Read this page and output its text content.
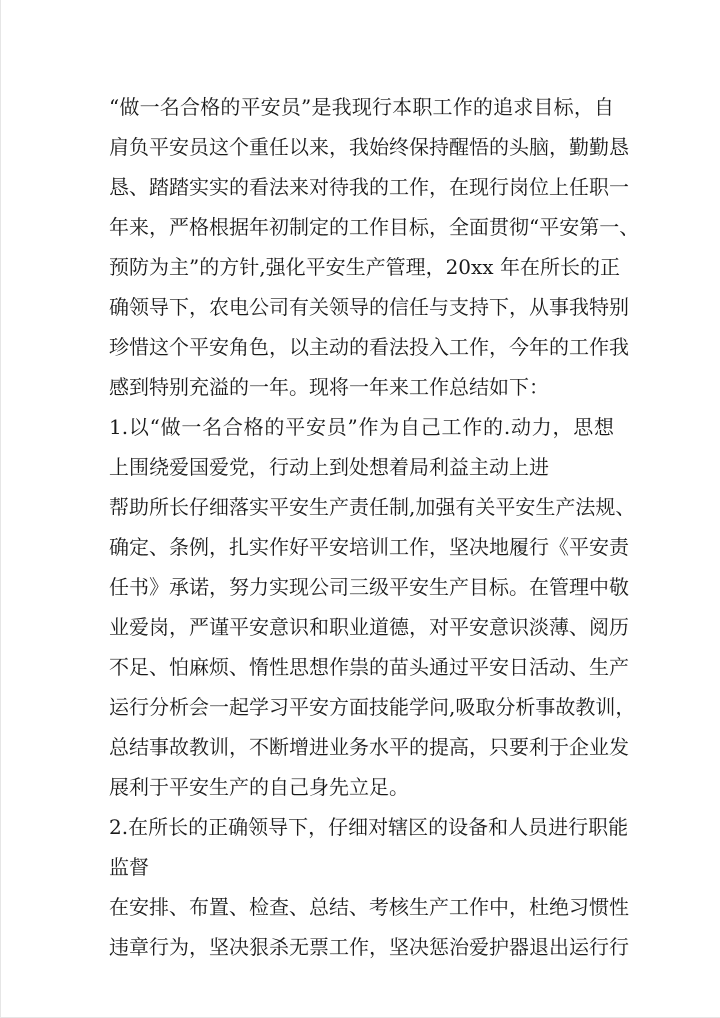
“做一名合格的平安员”是我现行本职工作的追求目标，自
肩负平安员这个重任以来，我始终保持醒悟的头脑，勤勤恳
恳、踏踏实实的看法来对待我的工作，在现行岗位上任职一
年来，严格根据年初制定的工作目标，全面贯彻“平安第一、
预防为主”的方针,强化平安生产管理，20xx 年在所长的正
确领导下，农电公司有关领导的信任与支持下，从事我特别
珍惜这个平安角色，以主动的看法投入工作，今年的工作我
感到特别充溢的一年。现将一年来工作总结如下：
1.以“做一名合格的平安员”作为自己工作的.动力，思想
上围绕爱国爱党，行动上到处想着局利益主动上进
帮助所长仔细落实平安生产责任制,加强有关平安生产法规、
确定、条例，扎实作好平安培训工作，坚决地履行《平安责
任书》承诺，努力实现公司三级平安生产目标。在管理中敬
业爱岗，严谨平安意识和职业道德，对平安意识淡薄、阅历
不足、怕麻烦、惰性思想作祟的苗头通过平安日活动、生产
运行分析会一起学习平安方面技能学问,吸取分析事故教训，
总结事故教训，不断增进业务水平的提高，只要利于企业发
展利于平安生产的自己身先立足。
2.在所长的正确领导下，仔细对辖区的设备和人员进行职能
监督
在安排、布置、检查、总结、考核生产工作中，杜绝习惯性
违章行为，坚决狠杀无票工作，坚决惩治爱护器退出运行行
